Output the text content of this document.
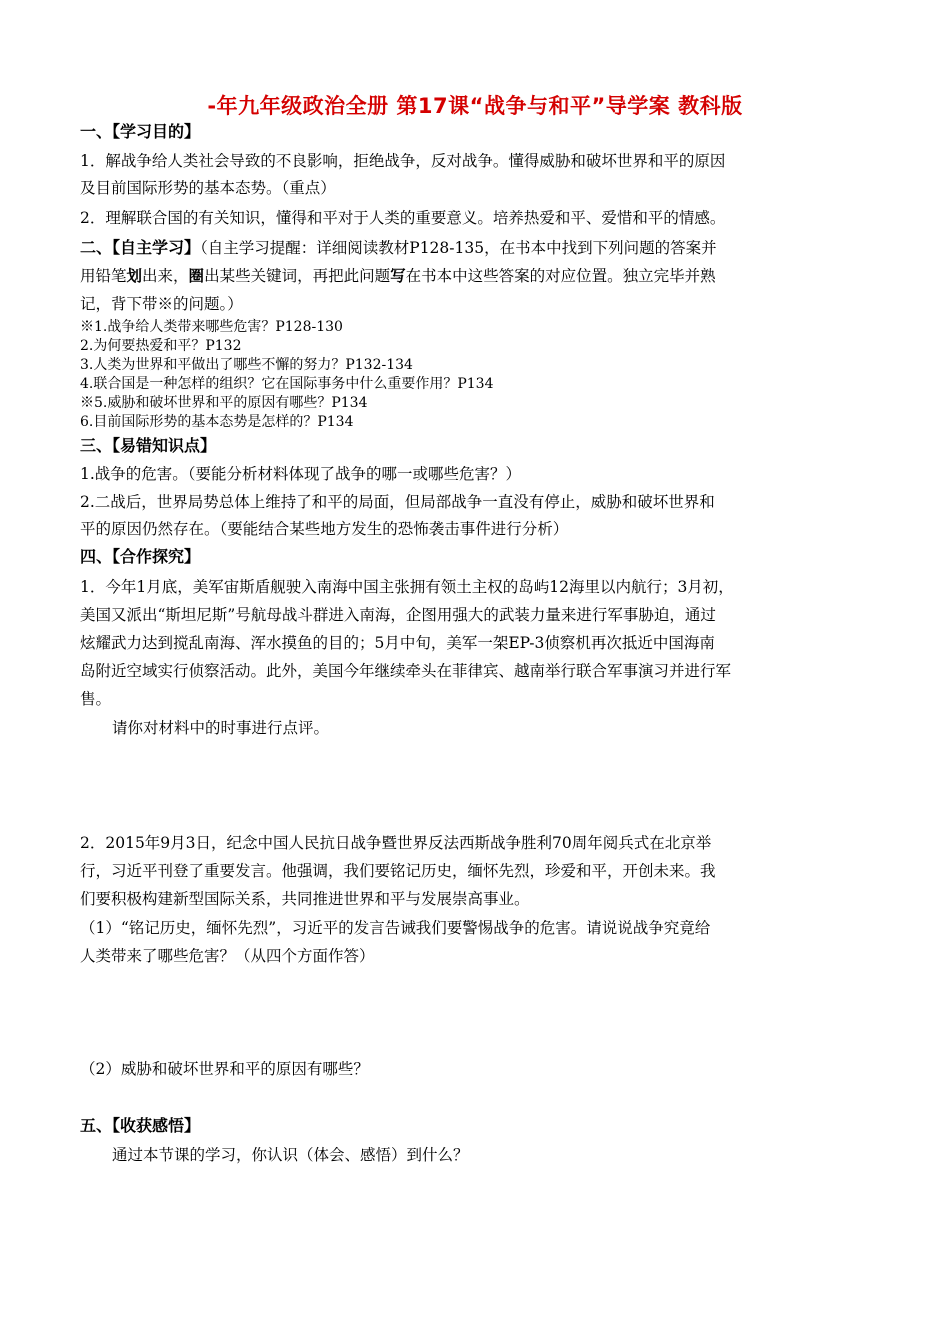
-年九年级政治全册 第17课“战争与和平”导学案 教科版
一、【学习目的】
1．解战争给人类社会导致的不良影响，拒绝战争，反对战争。懂得威胁和破坏世界和平的原因
及目前国际形势的基本态势。（重点）
2．理解联合国的有关知识，懂得和平对于人类的重要意义。培养热爱和平、爱惜和平的情感。
二、【自主学习】（自主学习提醒：详细阅读教材P128-135，在书本中找到下列问题的答案并
用铅笔划出来，圈出某些关键词，再把此问题写在书本中这些答案的对应位置。独立完毕并熟
记，背下带※的问题。）
※1.战争给人类带来哪些危害？P128-130
2.为何要热爱和平？P132
3.人类为世界和平做出了哪些不懈的努力？P132-134
4.联合国是一种怎样的组织？它在国际事务中什么重要作用？P134
※5.威胁和破坏世界和平的原因有哪些？P134
6.目前国际形势的基本态势是怎样的？P134
三、【易错知识点】
1.战争的危害。（要能分析材料体现了战争的哪一或哪些危害？）
2.二战后，世界局势总体上维持了和平的局面，但局部战争一直没有停止，威胁和破坏世界和
平的原因仍然存在。（要能结合某些地方发生的恐怖袭击事件进行分析）
四、【合作探究】
1．今年1月底，美军宙斯盾舰驶入南海中国主张拥有领土主权的岛屿12海里以内航行；3月初，
美国又派出“斯坦尼斯”号航母战斗群进入南海，企图用强大的武装力量来进行军事胁迫，通过
炫耀武力达到搅乱南海、浑水摸鱼的目的；5月中旬，美军一架EP-3侦察机再次抵近中国海南
岛附近空域实行侦察活动。此外，美国今年继续牵头在菲律宾、越南举行联合军事演习并进行军
售。
请你对材料中的时事进行点评。
2．2015年9月3日，纪念中国人民抗日战争暨世界反法西斯战争胜利70周年阅兵式在北京举
行，习近平刊登了重要发言。他强调，我们要铭记历史，缅怀先烈，珍爱和平，开创未来。我
们要积极构建新型国际关系，共同推进世界和平与发展崇高事业。
（1）“铭记历史，缅怀先烈”，习近平的发言告诫我们要警惕战争的危害。请说说战争究竟给
人类带来了哪些危害？（从四个方面作答）
（2）威胁和破坏世界和平的原因有哪些？
五、【收获感悟】
通过本节课的学习，你认识（体会、感悟）到什么？
